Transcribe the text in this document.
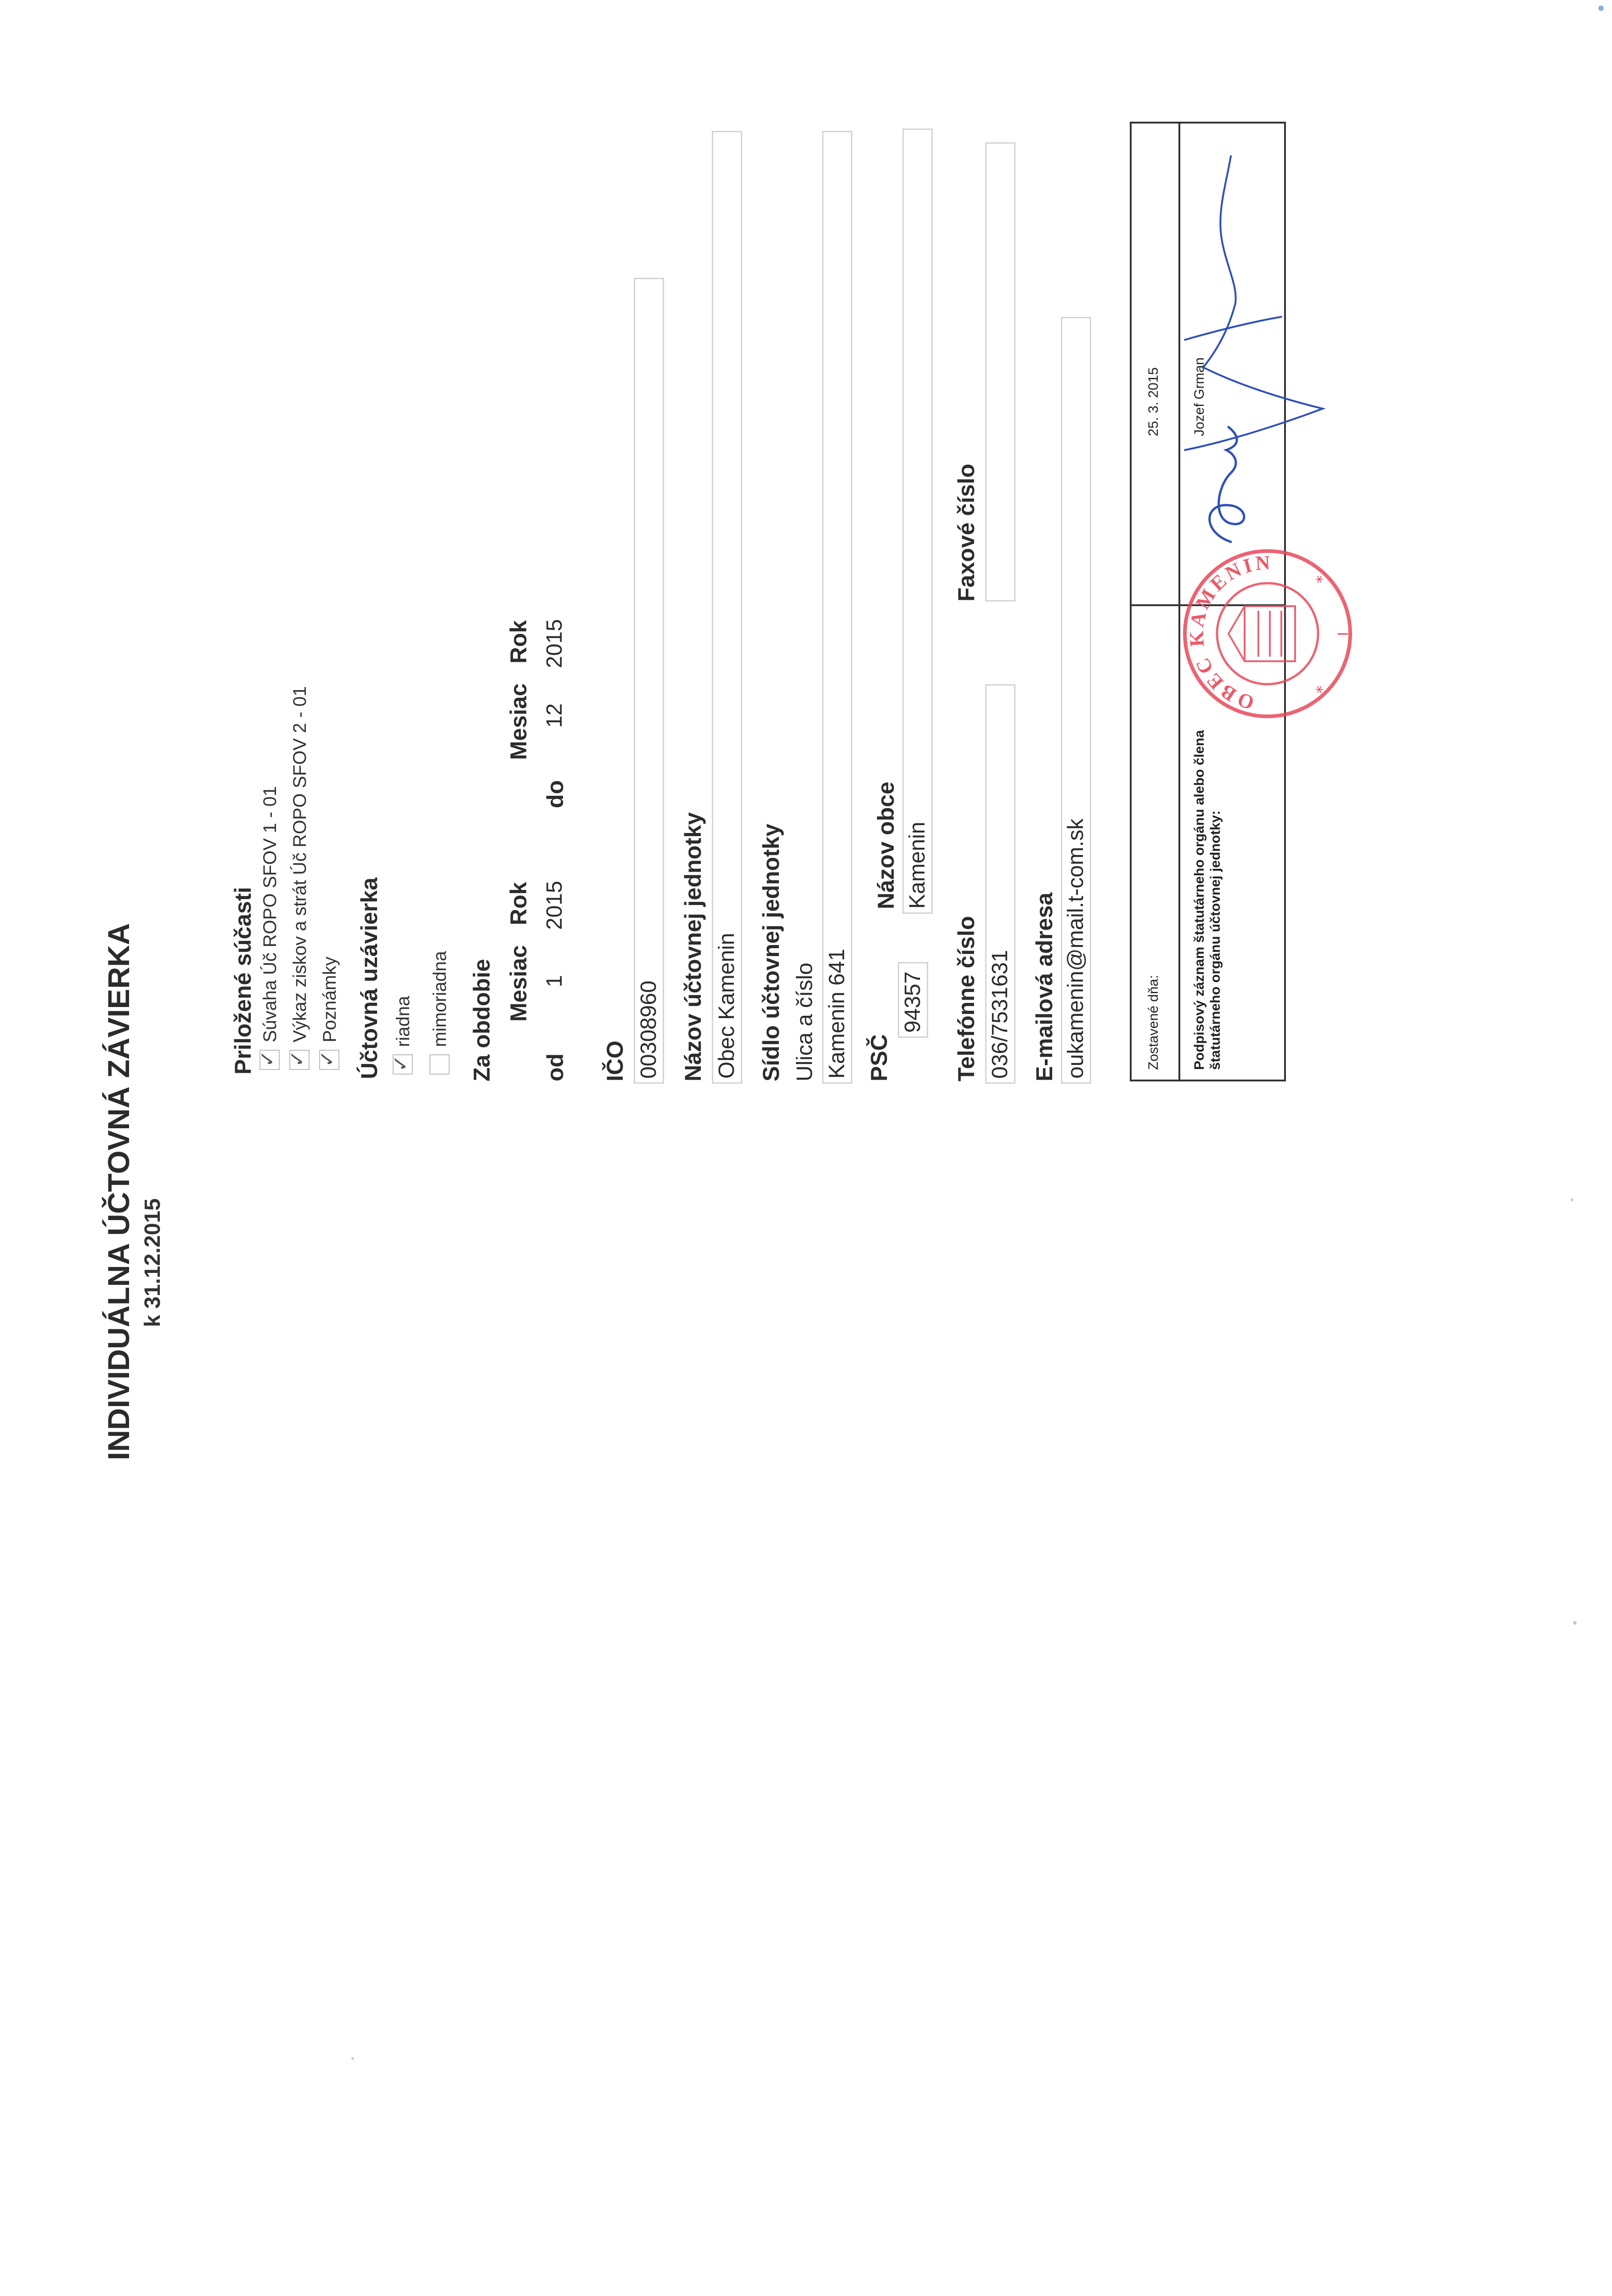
INDIVIDUÁLNA ÚČTOVNÁ ZÁVIERKA k 31.12.2015
Priložené súčasti ✓
Súvaha Úč ROPO SFOV 1 - 01
✓
Výkaz ziskov a strát Úč ROPO SFOV 2 - 01
✓
Poznámky Účtovná uzávierka ✓
riadna mimoriadna Za obdobie Mesiac
Rok
Mesiac
Rok
od
1
2015
do
12
2015
IČO 00308960 Názov účtovnej jednotky Obec Kamenin Sídlo účtovnej jednotky Ulica a číslo Kamenin 641 PSČ
94357
Názov obce Kamenin
Telefónne číslo 036/7531631
Faxové číslo
E-mailová adresa oukamenin@mail.t-com.sk	Zostavené dňa:
25. 3. 2015
Podpisový záznam štatutárneho orgánu alebo člena štatutárneho orgánu účtovnej jednotky:
Jozef Grman
OBEC KAMENIN
*
*
I
